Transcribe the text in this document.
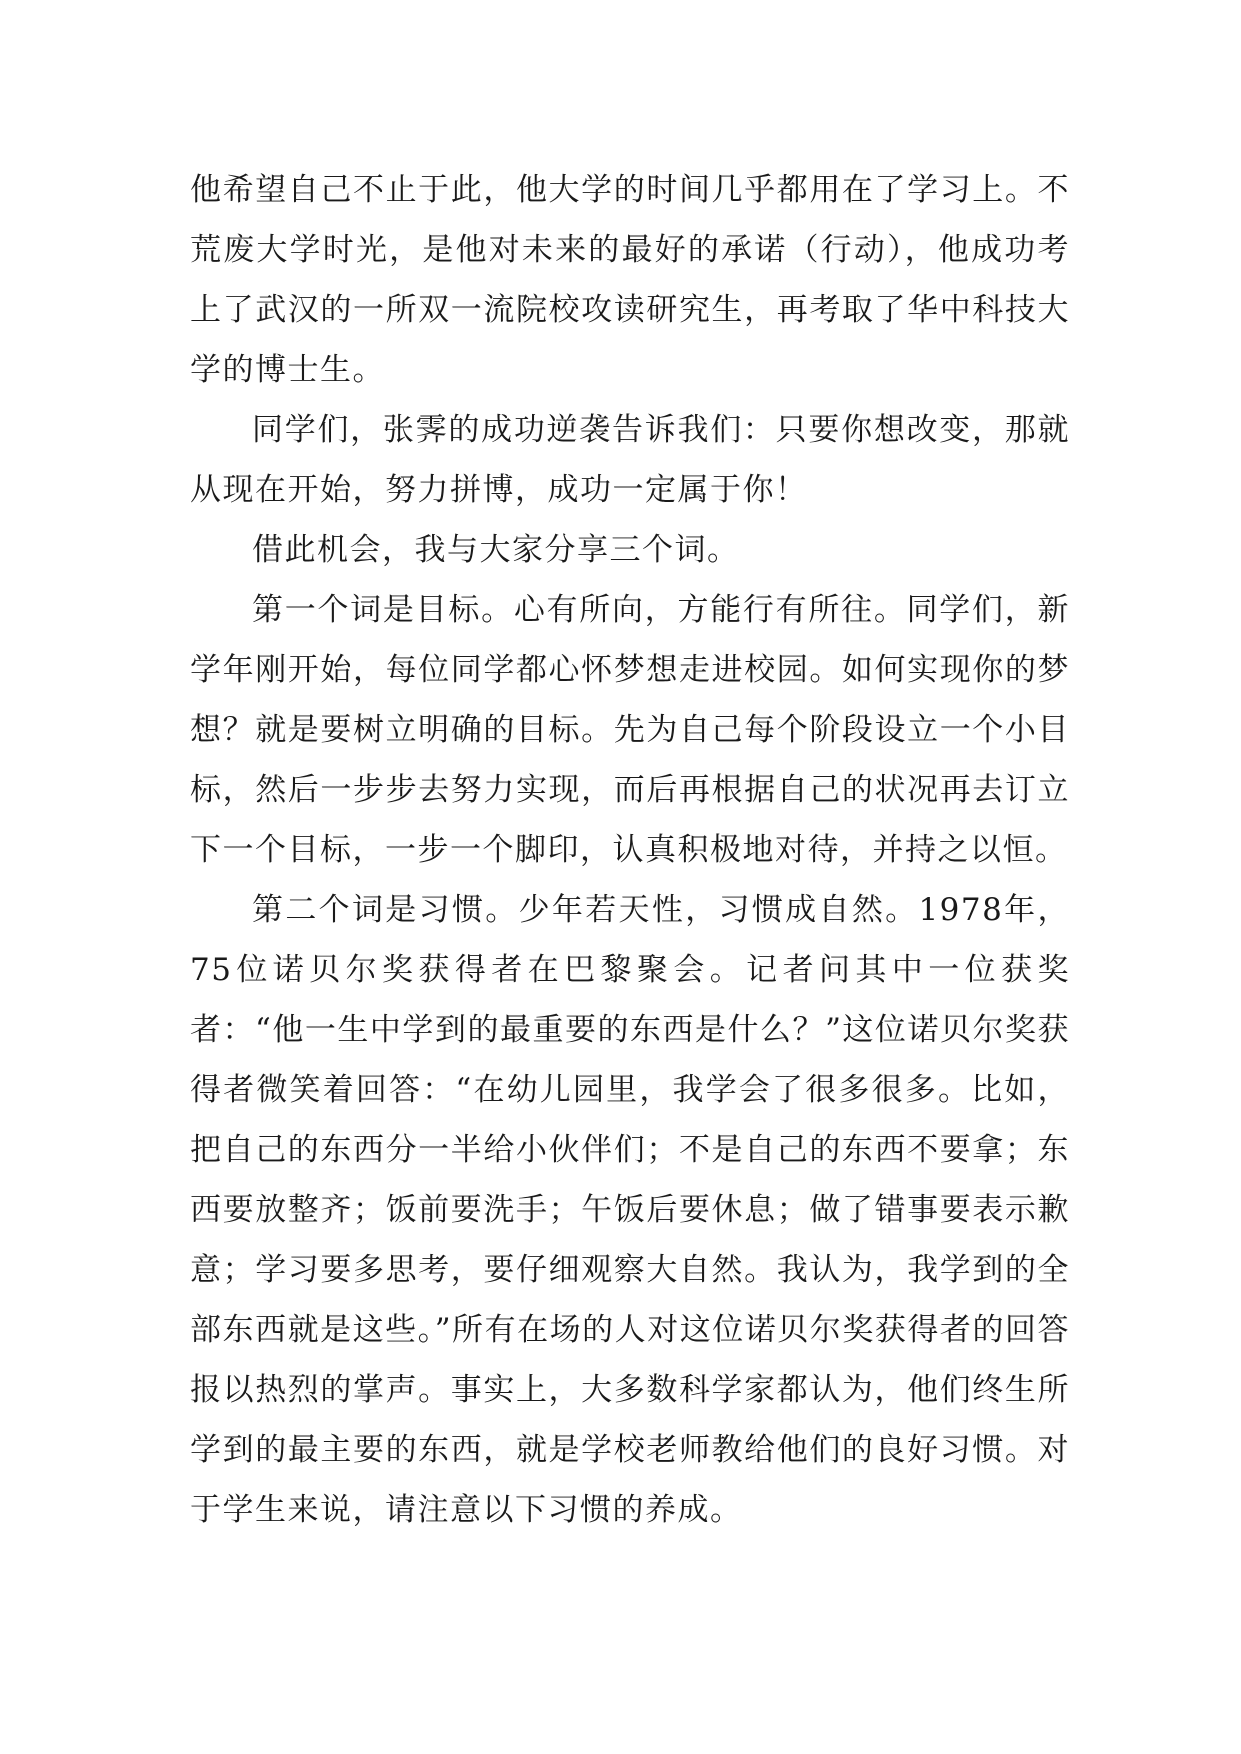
他希望自己不止于此，他大学的时间几乎都用在了学习上。不荒废大学时光，是他对未来的最好的承诺（行动），他成功考上了武汉的一所双一流院校攻读研究生，再考取了华中科技大学的博士生。

同学们，张霁的成功逆袭告诉我们：只要你想改变，那就从现在开始，努力拼博，成功一定属于你！

借此机会，我与大家分享三个词。

第一个词是目标。心有所向，方能行有所往。同学们，新学年刚开始，每位同学都心怀梦想走进校园。如何实现你的梦想？就是要树立明确的目标。先为自己每个阶段设立一个小目标，然后一步步去努力实现，而后再根据自己的状况再去订立下一个目标，一步一个脚印，认真积极地对待，并持之以恒。

第二个词是习惯。少年若天性，习惯成自然。1978年，75位诺贝尔奖获得者在巴黎聚会。记者问其中一位获奖者：“他一生中学到的最重要的东西是什么？”这位诺贝尔奖获得者微笑着回答：“在幼儿园里，我学会了很多很多。比如，把自己的东西分一半给小伙伴们；不是自己的东西不要拿；东西要放整齐；饭前要洗手；午饭后要休息；做了错事要表示歉意；学习要多思考，要仔细观察大自然。我认为，我学到的全部东西就是这些。”所有在场的人对这位诺贝尔奖获得者的回答报以热烈的掌声。事实上，大多数科学家都认为，他们终生所学到的最主要的东西，就是学校老师教给他们的良好习惯。对于学生来说，请注意以下习惯的养成。
